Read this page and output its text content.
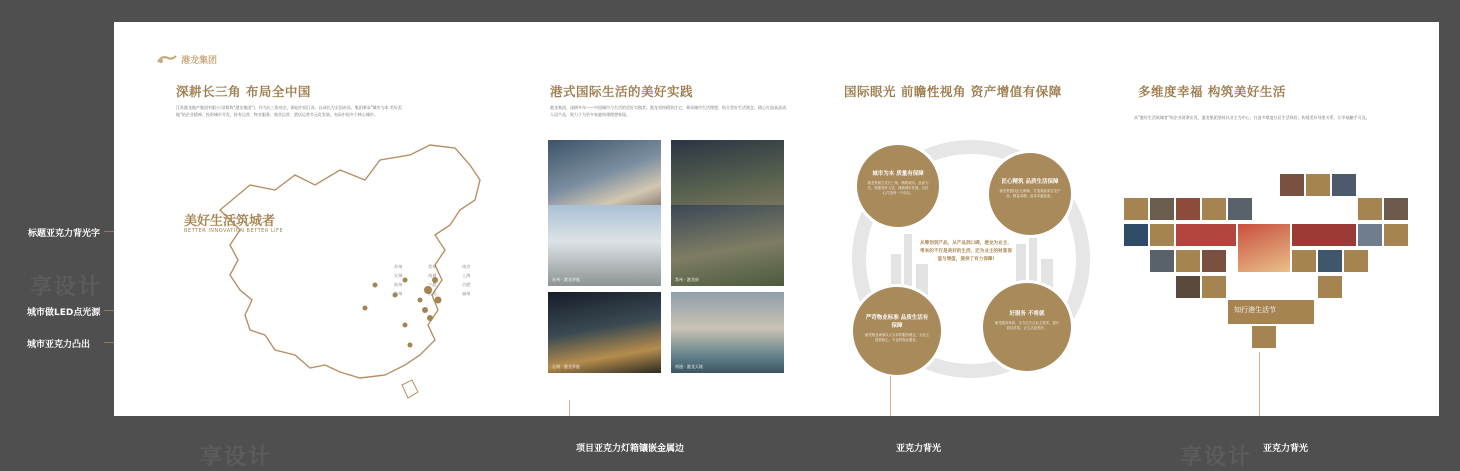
享设计
享设计	享设计
标题亚克力背光字
城市做LED点光源
城市亚克力凸出
项目亚克力灯箱镶嵌金属边	亚克力背光	亚克力背光
港龙集团
深耕长三角 布局全中国
江苏港龙地产集团有限公司(简称"港龙集团")，作为长三角房企，源起中国江苏，以成长为全国布局，集团秉承"城市为本 美好美地"的企业精神，投资城市开发、持有运营、物业服务、商业运营、酒店运营多元化发展，布局中国多个核心城市。
美好生活筑城者
BETTER INNOVATION BETTER LIFE
苏州	常州	南京
无锡	南通	上海
杭州	宁波	合肥
温州	武汉	福州
港式国际生活的美好实践
港龙集团，深耕多年——中国城市与生活的美好实践者。港龙坚持精装住宅，秉承城市生活理想，结合美好生活理念，精心打造高品质人居产品，致力于为更多家庭构建理想家园。
苏州 · 港龙华庭	常州 · 港龙府
无锡 · 港龙华庭	南通 · 港龙天境
国际眼光 前瞻性视角 资产增值有保障
城市为本 质量有保障
港龙集团立足长三角，精筑城市，品质为先，构建美好人居，深耕城市发展，以匠心打造每一个项目。
匠心精筑 品质生活保障
港龙集团以匠心精神，打造高品质住宅产品，精益求精，追求卓越品质。
严苛物业标准 品质生活有保障
港龙物业秉承以人为本的服务理念，为业主提供贴心、专业的物业服务。
好服务 不将就
港龙服务体系，全方位关注业主需求，提升居住体验，让生活更美好。
从筹划到产品，从产品到口碑，港龙为业主、带来的不仅是美好的生活，还为业主的财富保值与增值，提供了有力保障!
多维度幸福 构筑美好生活
从"港好生活筑城者"的企业使命出发，港龙集团坚持以业主为中心，打造多维度社区生活体验，构建美好邻里关系，让幸福触手可及。
知行港生活节
